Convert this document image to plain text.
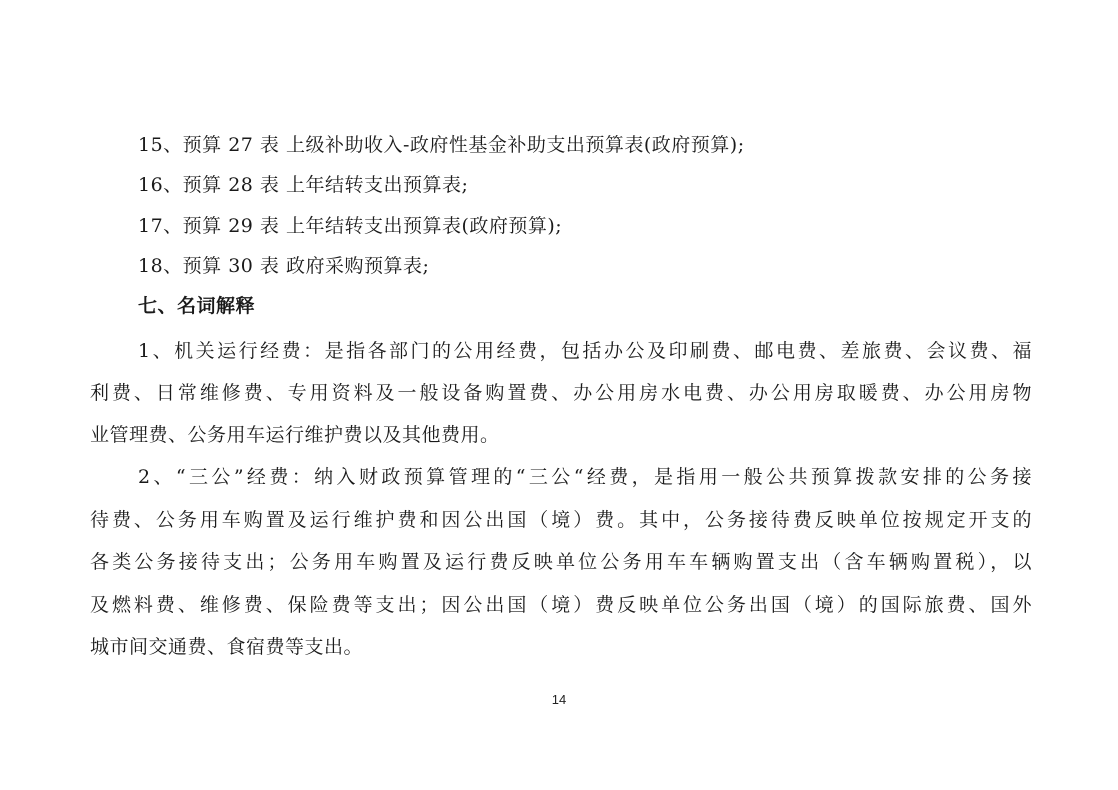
15、预算 27 表 上级补助收入-政府性基金补助支出预算表(政府预算);
16、预算 28 表 上年结转支出预算表;
17、预算 29 表 上年结转支出预算表(政府预算);
18、预算 30 表 政府采购预算表;
七、名词解释
1、机关运行经费：是指各部门的公用经费，包括办公及印刷费、邮电费、差旅费、会议费、福
利费、日常维修费、专用资料及一般设备购置费、办公用房水电费、办公用房取暖费、办公用房物
业管理费、公务用车运行维护费以及其他费用。
2、“三公”经费：纳入财政预算管理的“三公“经费，是指用一般公共预算拨款安排的公务接
待费、公务用车购置及运行维护费和因公出国（境）费。其中，公务接待费反映单位按规定开支的
各类公务接待支出；公务用车购置及运行费反映单位公务用车车辆购置支出（含车辆购置税），以
及燃料费、维修费、保险费等支出；因公出国（境）费反映单位公务出国（境）的国际旅费、国外
城市间交通费、食宿费等支出。
14
